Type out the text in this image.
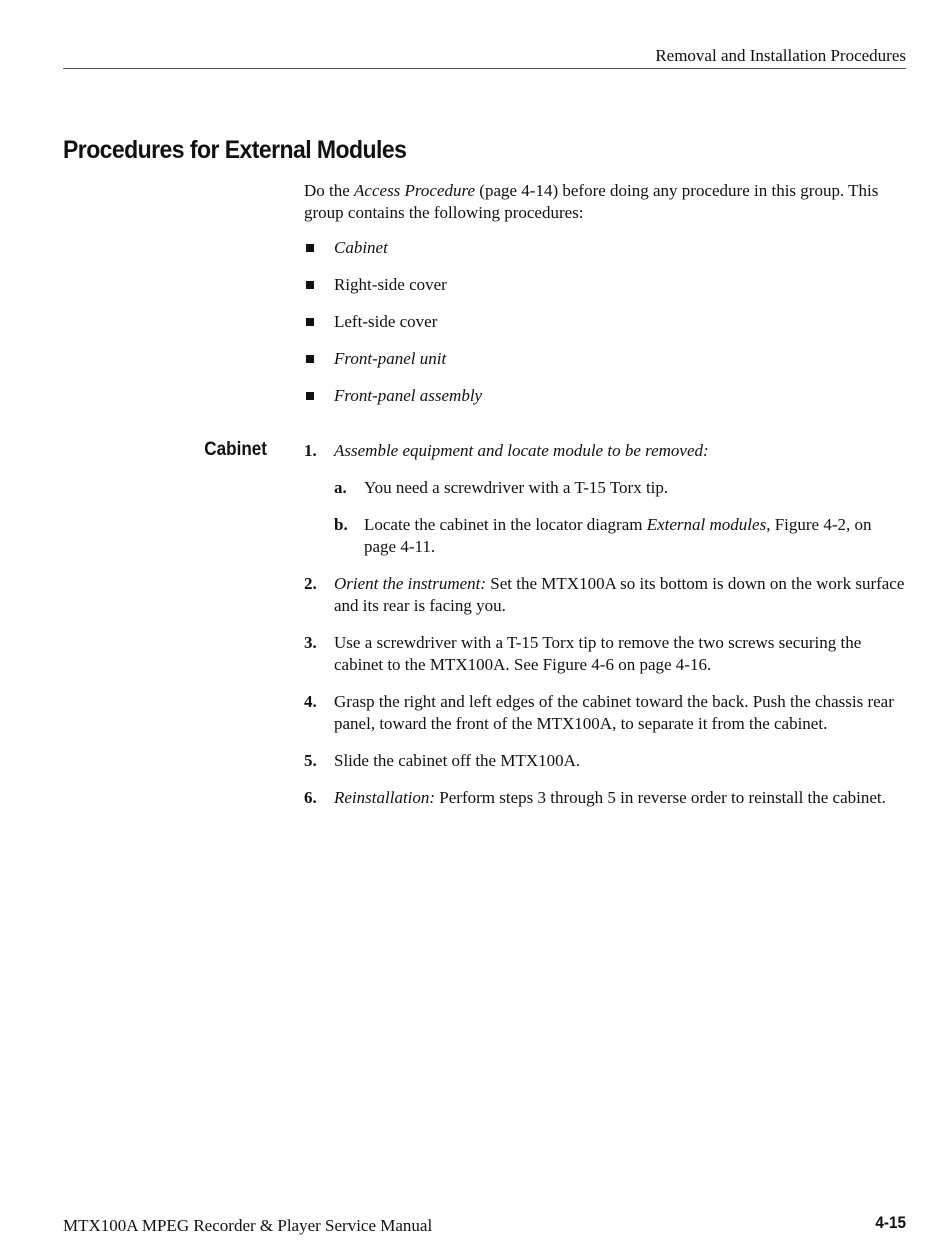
Removal and Installation Procedures
Procedures for External Modules

Do the Access Procedure (page 4-14) before doing any procedure in this group. This group contains the following procedures:

Cabinet
Right-side cover
Left-side cover
Front-panel unit
Front-panel assembly
Cabinet 1. Assemble equipment and locate module to be removed:
a. You need a screwdriver with a T-15 Torx tip.
b. Locate the cabinet in the locator diagram External modules, Figure 4-2, on page 4-11.
2. Orient the instrument: Set the MTX100A so its bottom is down on the work surface and its rear is facing you.
3. Use a screwdriver with a T-15 Torx tip to remove the two screws securing the cabinet to the MTX100A. See Figure 4-6 on page 4-16.
4. Grasp the right and left edges of the cabinet toward the back. Push the chassis rear panel, toward the front of the MTX100A, to separate it from the cabinet.
5. Slide the cabinet off the MTX100A.
6. Reinstallation: Perform steps 3 through 5 in reverse order to reinstall the cabinet.
MTX100A MPEG Recorder & Player Service Manual	4-15
